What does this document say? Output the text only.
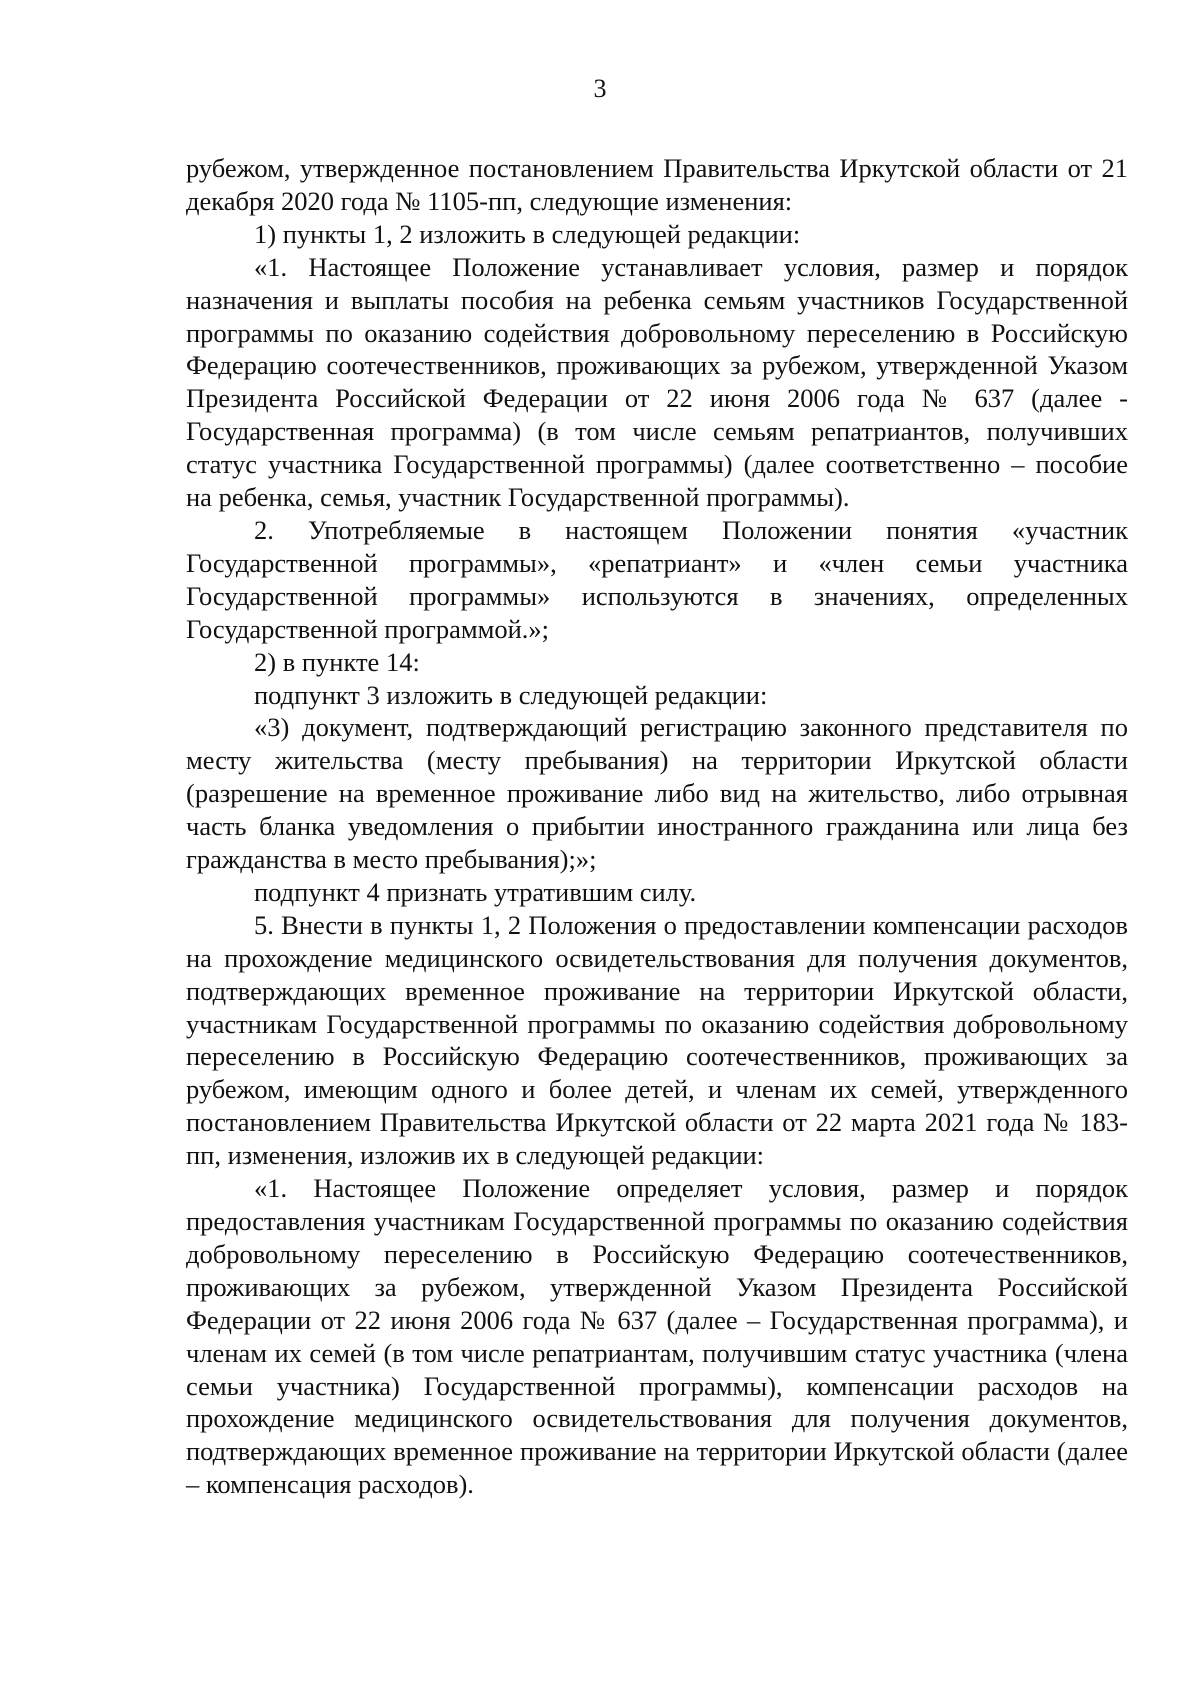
3

рубежом, утвержденное постановлением Правительства Иркутской области от 21 декабря 2020 года № 1105-пп, следующие изменения:

1) пункты 1, 2 изложить в следующей редакции:

«1. Настоящее Положение устанавливает условия, размер и порядок назначения и выплаты пособия на ребенка семьям участников Государственной программы по оказанию содействия добровольному переселению в Российскую Федерацию соотечественников, проживающих за рубежом, утвержденной Указом Президента Российской Федерации от 22 июня 2006 года № 637 (далее - Государственная программа) (в том числе семьям репатриантов, получивших статус участника Государственной программы) (далее соответственно – пособие на ребенка, семья, участник Государственной программы).

2. Употребляемые в настоящем Положении понятия «участник Государственной программы», «репатриант» и «член семьи участника Государственной программы» используются в значениях, определенных Государственной программой.»;

2) в пункте 14:

подпункт 3 изложить в следующей редакции:

«3) документ, подтверждающий регистрацию законного представителя по месту жительства (месту пребывания) на территории Иркутской области (разрешение на временное проживание либо вид на жительство, либо отрывная часть бланка уведомления о прибытии иностранного гражданина или лица без гражданства в место пребывания);»;

подпункт 4 признать утратившим силу.

5. Внести в пункты 1, 2 Положения о предоставлении компенсации расходов на прохождение медицинского освидетельствования для получения документов, подтверждающих временное проживание на территории Иркутской области, участникам Государственной программы по оказанию содействия добровольному переселению в Российскую Федерацию соотечественников, проживающих за рубежом, имеющим одного и более детей, и членам их семей, утвержденного постановлением Правительства Иркутской области от 22 марта 2021 года № 183-пп, изменения, изложив их в следующей редакции:

«1. Настоящее Положение определяет условия, размер и порядок предоставления участникам Государственной программы по оказанию содействия добровольному переселению в Российскую Федерацию соотечественников, проживающих за рубежом, утвержденной Указом Президента Российской Федерации от 22 июня 2006 года № 637 (далее – Государственная программа), и членам их семей (в том числе репатриантам, получившим статус участника (члена семьи участника) Государственной программы), компенсации расходов на прохождение медицинского освидетельствования для получения документов, подтверждающих временное проживание на территории Иркутской области (далее – компенсация расходов).
